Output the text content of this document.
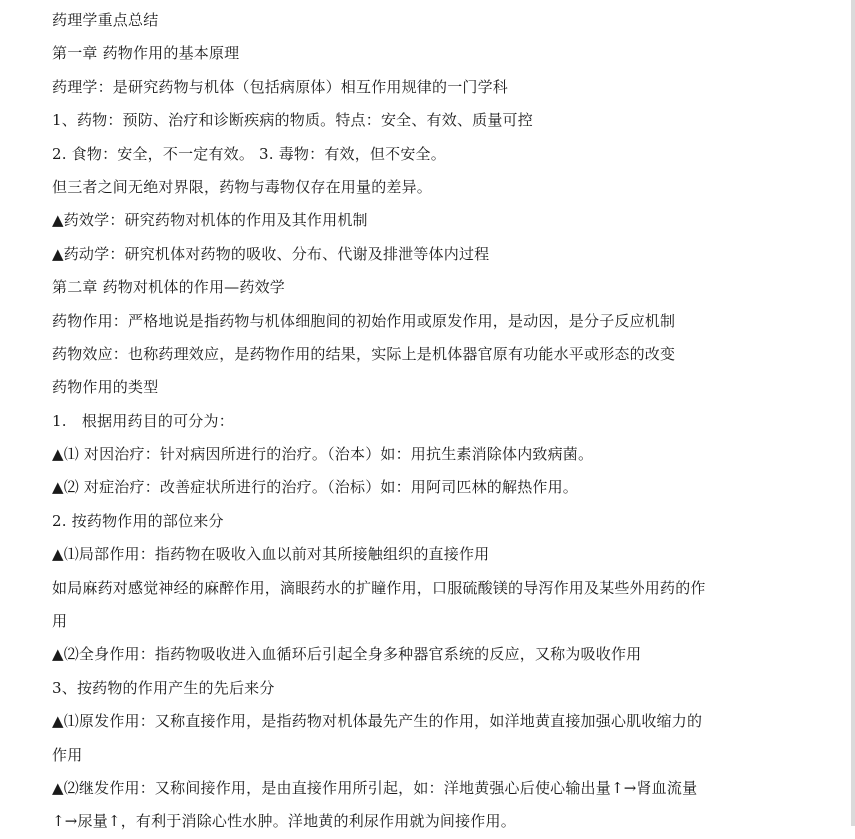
药理学重点总结
第一章 药物作用的基本原理
药理学：是研究药物与机体（包括病原体）相互作用规律的一门学科
1、药物：预防、治疗和诊断疾病的物质。特点：安全、有效、质量可控
2. 食物：安全，不一定有效。 3. 毒物：有效，但不安全。
但三者之间无绝对界限，药物与毒物仅存在用量的差异。
▲药效学：研究药物对机体的作用及其作用机制
▲药动学：研究机体对药物的吸收、分布、代谢及排泄等体内过程
第二章 药物对机体的作用—药效学
药物作用：严格地说是指药物与机体细胞间的初始作用或原发作用，是动因，是分子反应机制
药物效应：也称药理效应，是药物作用的结果，实际上是机体器官原有功能水平或形态的改变
药物作用的类型
1.　根据用药目的可分为：
▲⑴ 对因治疗：针对病因所进行的治疗。（治本）如：用抗生素消除体内致病菌。
▲⑵ 对症治疗：改善症状所进行的治疗。（治标）如：用阿司匹林的解热作用。
2. 按药物作用的部位来分
▲⑴局部作用：指药物在吸收入血以前对其所接触组织的直接作用
如局麻药对感觉神经的麻醉作用，滴眼药水的扩瞳作用，口服硫酸镁的导泻作用及某些外用药的作
用
▲⑵全身作用：指药物吸收进入血循环后引起全身多种器官系统的反应，又称为吸收作用
3、按药物的作用产生的先后来分
▲⑴原发作用：又称直接作用，是指药物对机体最先产生的作用，如洋地黄直接加强心肌收缩力的
作用
▲⑵继发作用：又称间接作用，是由直接作用所引起，如：洋地黄强心后使心输出量↑→肾血流量
↑→尿量↑，有利于消除心性水肿。洋地黄的利尿作用就为间接作用。
